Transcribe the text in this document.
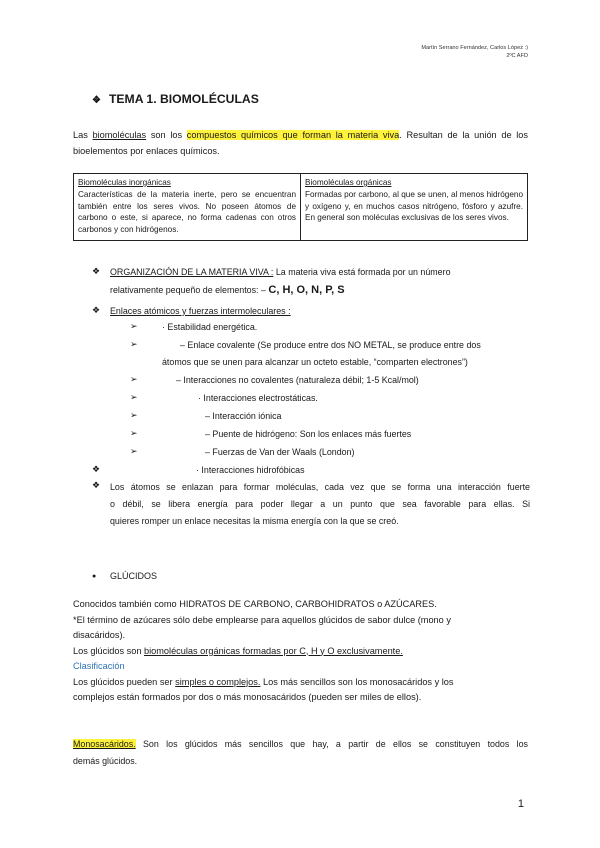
Martín Serrano Fernández, Carlos López :)
2ºC AFD
❖ TEMA 1. BIOMOLÉCULAS

Las biomoléculas son los compuestos químicos que forman la materia viva. Resultan de la unión de los bioelementos por enlaces químicos.

Biomoléculas inorgánicas
Características de la materia inerte, pero se encuentran también entre los seres vivos. No poseen átomos de carbono o este, si aparece, no forma cadenas con otros carbonos y con hidrógenos.

Biomoléculas orgánicas
Formadas por carbono, al que se unen, al menos hidrógeno y oxígeno y, en muchos casos nitrógeno, fósforo y azufre. En general son moléculas exclusivas de los seres vivos.
❖ ORGANIZACIÓN DE LA MATERIA VIVA : La materia viva está formada por un número
relativamente pequeño de elementos: – C, H, O, N, P, S
❖ Enlaces atómicos y fuerzas intermoleculares :
➢	· Estabilidad energética.
➢	– Enlace covalente (Se produce entre dos NO METAL, se produce entre dos
átomos que se unen para alcanzar un octeto estable, “comparten electrones”)
➢	– Interacciones no covalentes (naturaleza débil; 1-5 Kcal/mol)
➢	· Interacciones electrostáticas.
➢	– Interacción iónica
➢	– Puente de hidrógeno: Son los enlaces más fuertes
➢	– Fuerzas de Van der Waals (London)
❖	· Interacciones hidrofóbicas
❖ Los átomos se enlazan para formar moléculas, cada vez que se forma una interacción fuerte
o débil, se libera energía para poder llegar a un punto que sea favorable para ellas. Si
quieres romper un enlace necesitas la misma energía con la que se creó.
● GLÚCIDOS
Conocidos también como HIDRATOS DE CARBONO, CARBOHIDRATOS o AZÚCARES.
*El término de azúcares sólo debe emplearse para aquellos glúcidos de sabor dulce (mono y
disacáridos).
Los glúcidos son biomoléculas orgánicas formadas por C, H y O exclusivamente.
Clasificación
Los glúcidos pueden ser simples o complejos. Los más sencillos son los monosacáridos y los
complejos están formados por dos o más monosacáridos (pueden ser miles de ellos).
Monosacáridos. Son los glúcidos más sencillos que hay, a partir de ellos se constituyen todos los
demás glúcidos.
1
